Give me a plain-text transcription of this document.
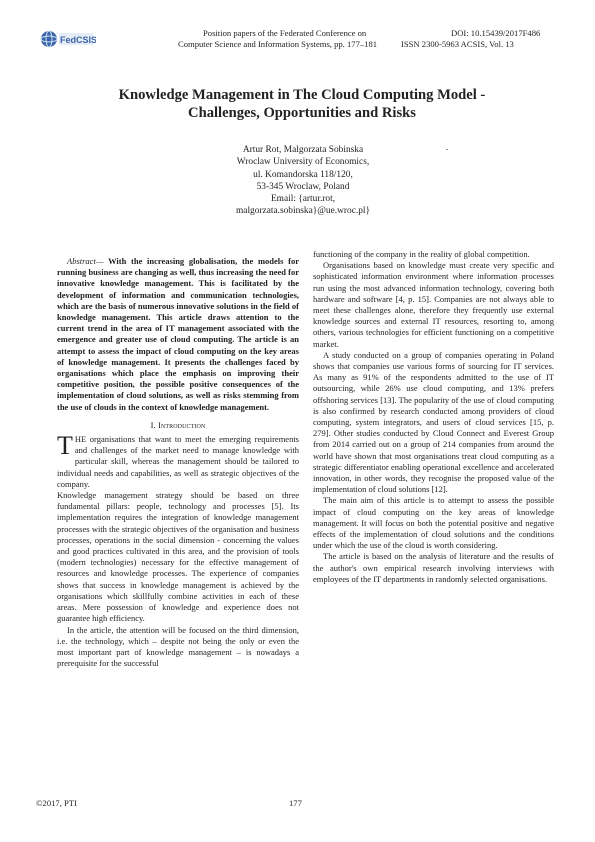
FedCSIS
Position papers of the Federated Conference on
Computer Science and Information Systems, pp. 177–181
DOI: 10.15439/2017F486
ISSN 2300-5963 ACSIS, Vol. 13
Knowledge Management in The Cloud Computing Model -
Challenges, Opportunities and Risks
Artur Rot, Malgorzata Sobinska
Wroclaw University of Economics,
ul. Komandorska 118/120,
53-345 Wroclaw, Poland
Email: {artur.rot,
malgorzata.sobinska}@ue.wroc.pl}
.

Abstract— With the increasing globalisation, the models for running business are changing as well, thus increasing the need for innovative knowledge management. This is facilitated by the development of information and communication technologies, which are the basis of numerous innovative solutions in the field of knowledge management. This article draws attention to the current trend in the area of IT management associated with the emergence and greater use of cloud computing. The article is an attempt to assess the impact of cloud computing on the key areas of knowledge management. It presents the challenges faced by organisations which place the emphasis on improving their competitive position, the possible positive consequences of the implementation of cloud solutions, as well as risks stemming from the use of clouds in the context of knowledge management.

I. Introduction

THE organisations that want to meet the emerging requirements and challenges of the market need to manage knowledge with particular skill, whereas the management should be tailored to individual needs and capabilities, as well as strategic objectives of the company.

Knowledge management strategy should be based on three fundamental pillars: people, technology and processes [5]. Its implementation requires the integration of knowledge management processes with the strategic objectives of the organisation and business processes, operations in the social dimension - concerning the values and good practices cultivated in this area, and the provision of tools (modern technologies) necessary for the effective management of resources and knowledge processes. The experience of companies shows that success in knowledge management is achieved by the organisations which skillfully combine activities in each of these areas. Mere possession of knowledge and experience does not guarantee high efficiency.

In the article, the attention will be focused on the third dimension, i.e. the technology, which – despite not being the only or even the most important part of knowledge management – is nowadays a prerequisite for the successful

functioning of the company in the reality of global competition.

Organisations based on knowledge must create very specific and sophisticated information environment where information processes run using the most advanced information technology, covering both hardware and software [4, p. 15]. Companies are not always able to meet these challenges alone, therefore they frequently use external knowledge sources and external IT resources, resorting to, among others, various technologies for efficient functioning on a competitive market.

A study conducted on a group of companies operating in Poland shows that companies use various forms of sourcing for IT services. As many as 91% of the respondents admitted to the use of IT outsourcing, while 26% use cloud computing, and 13% prefers offshoring services [13]. The popularity of the use of cloud computing is also confirmed by research conducted among providers of cloud computing, system integrators, and users of cloud services [15, p. 279]. Other studies conducted by Cloud Connect and Everest Group from 2014 carried out on a group of 214 companies from around the world have shown that most organisations treat cloud computing as a strategic differentiator enabling operational excellence and accelerated innovation, in other words, they recognise the proposed value of the implementation of cloud solutions [12].

The main aim of this article is to attempt to assess the possible impact of cloud computing on the key areas of knowledge management. It will focus on both the potential positive and negative effects of the implementation of cloud solutions and the conditions under which the use of the cloud is worth considering.

The article is based on the analysis of literature and the results of the author's own empirical research involving interviews with employees of the IT departments in randomly selected organisations.

©2017, PTI	177
